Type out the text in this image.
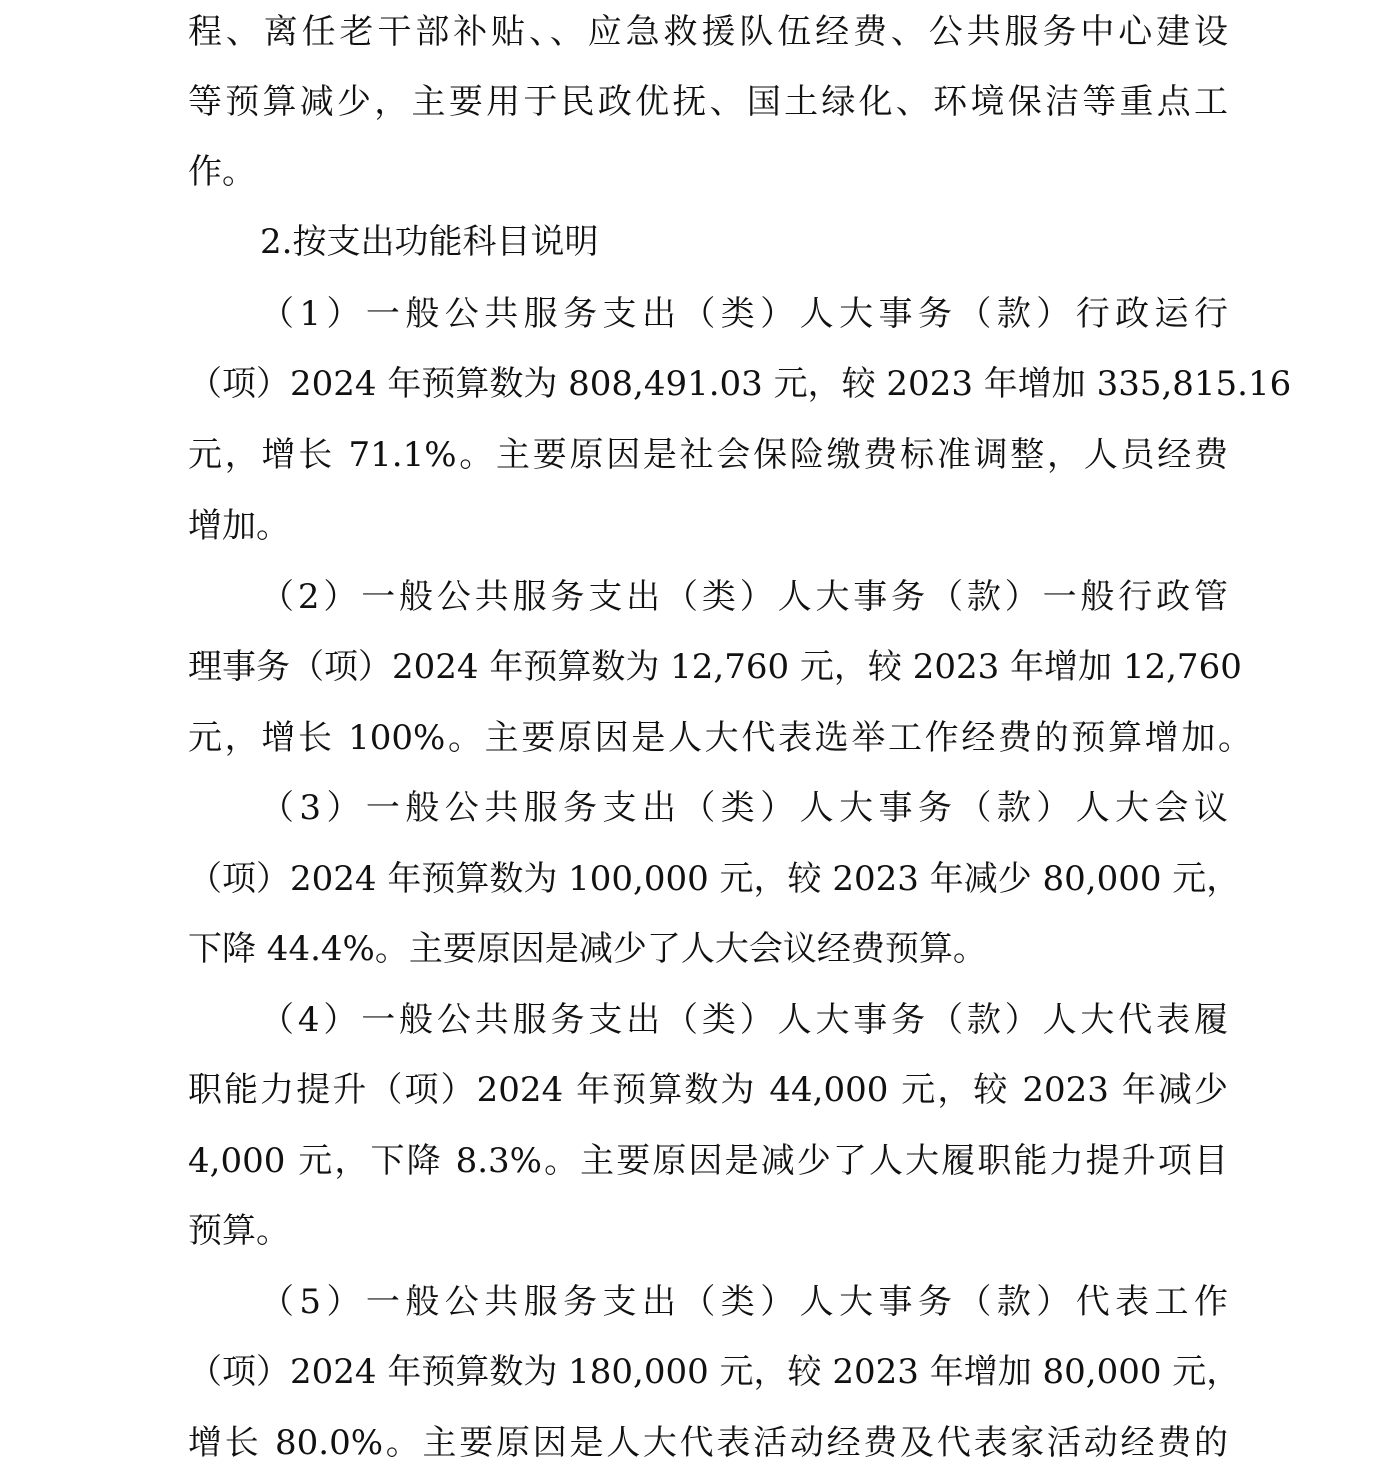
程、离任老干部补贴、、应急救援队伍经费、公共服务中心建设
等预算减少，主要用于民政优抚、国土绿化、环境保洁等重点工
作。
2.按支出功能科目说明
（1）一般公共服务支出（类）人大事务（款）行政运行
（项）2024 年预算数为 808,491.03 元，较 2023 年增加 335,815.16
元，增长 71.1%。主要原因是社会保险缴费标准调整，人员经费
增加。
（2）一般公共服务支出（类）人大事务（款）一般行政管
理事务（项）2024 年预算数为 12,760 元，较 2023 年增加 12,760
元，增长 100%。主要原因是人大代表选举工作经费的预算增加。
（3）一般公共服务支出（类）人大事务（款）人大会议
（项）2024 年预算数为 100,000 元，较 2023 年减少 80,000 元，
下降 44.4%。主要原因是减少了人大会议经费预算。
（4）一般公共服务支出（类）人大事务（款）人大代表履
职能力提升（项）2024 年预算数为 44,000 元，较 2023 年减少
4,000 元，下降 8.3%。主要原因是减少了人大履职能力提升项目
预算。
（5）一般公共服务支出（类）人大事务（款）代表工作
（项）2024 年预算数为 180,000 元，较 2023 年增加 80,000 元，
增长 80.0%。主要原因是人大代表活动经费及代表家活动经费的
